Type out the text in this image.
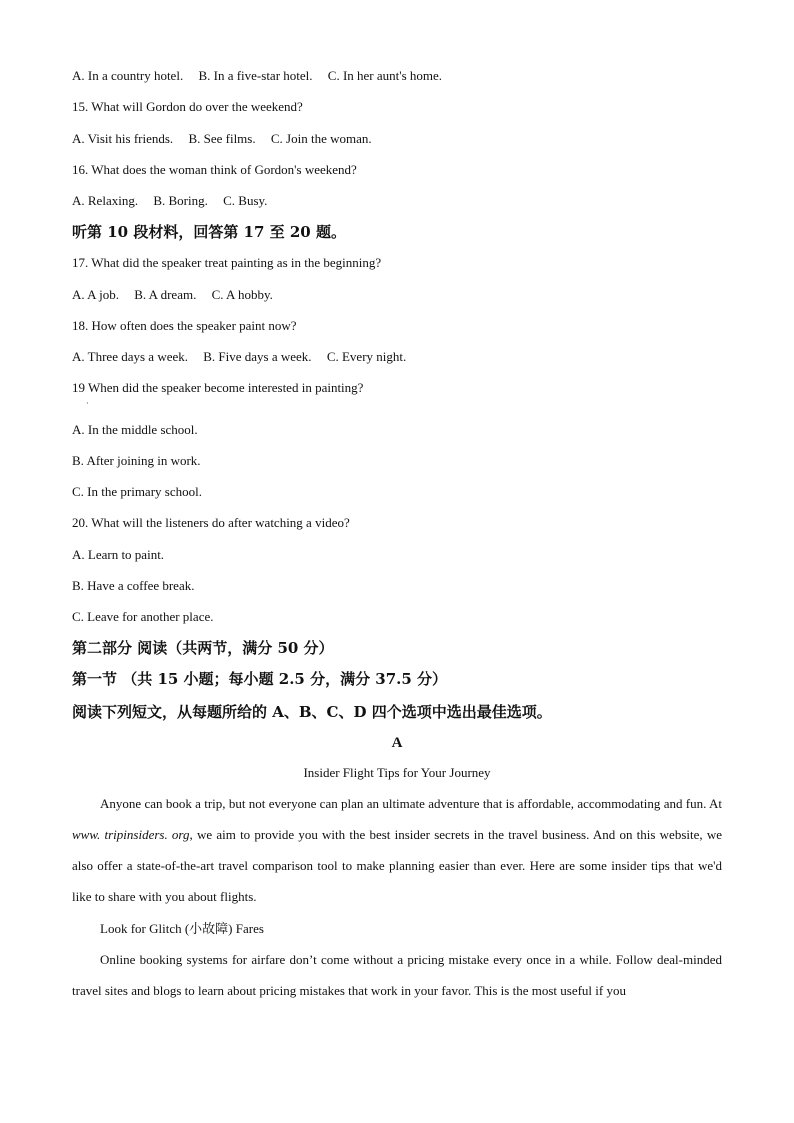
A. In a country hotel. B. In a five-star hotel. C. In her aunt's home.
15. What will Gordon do over the weekend?
A. Visit his friends. B. See films. C. Join the woman.
16. What does the woman think of Gordon's weekend?
A. Relaxing. B. Boring. C. Busy.
听第 10 段材料，回答第 17 至 20 题。
17. What did the speaker treat painting as in the beginning?
A. A job. B. A dream. C. A hobby.
18. How often does the speaker paint now?
A. Three days a week. B. Five days a week. C. Every night.
19 When did the speaker become interested in painting?
·
A. In the middle school.
B. After joining in work.
C. In the primary school.
20. What will the listeners do after watching a video?
A. Learn to paint.
B. Have a coffee break.
C. Leave for another place.
第二部分 阅读（共两节，满分 50 分）
第一节 （共 15 小题；每小题 2.5 分，满分 37.5 分）
阅读下列短文，从每题所给的 A、B、C、D 四个选项中选出最佳选项。
A
Insider Flight Tips for Your Journey
Anyone can book a trip, but not everyone can plan an ultimate adventure that is affordable, accommodating and fun. At www. tripinsiders. org, we aim to provide you with the best insider secrets in the travel business. And on this website, we also offer a state-of-the-art travel comparison tool to make planning easier than ever. Here are some insider tips that we'd like to share with you about flights.
Look for Glitch (小故障) Fares
Online booking systems for airfare don’t come without a pricing mistake every once in a while. Follow deal-minded travel sites and blogs to learn about pricing mistakes that work in your favor. This is the most useful if you
